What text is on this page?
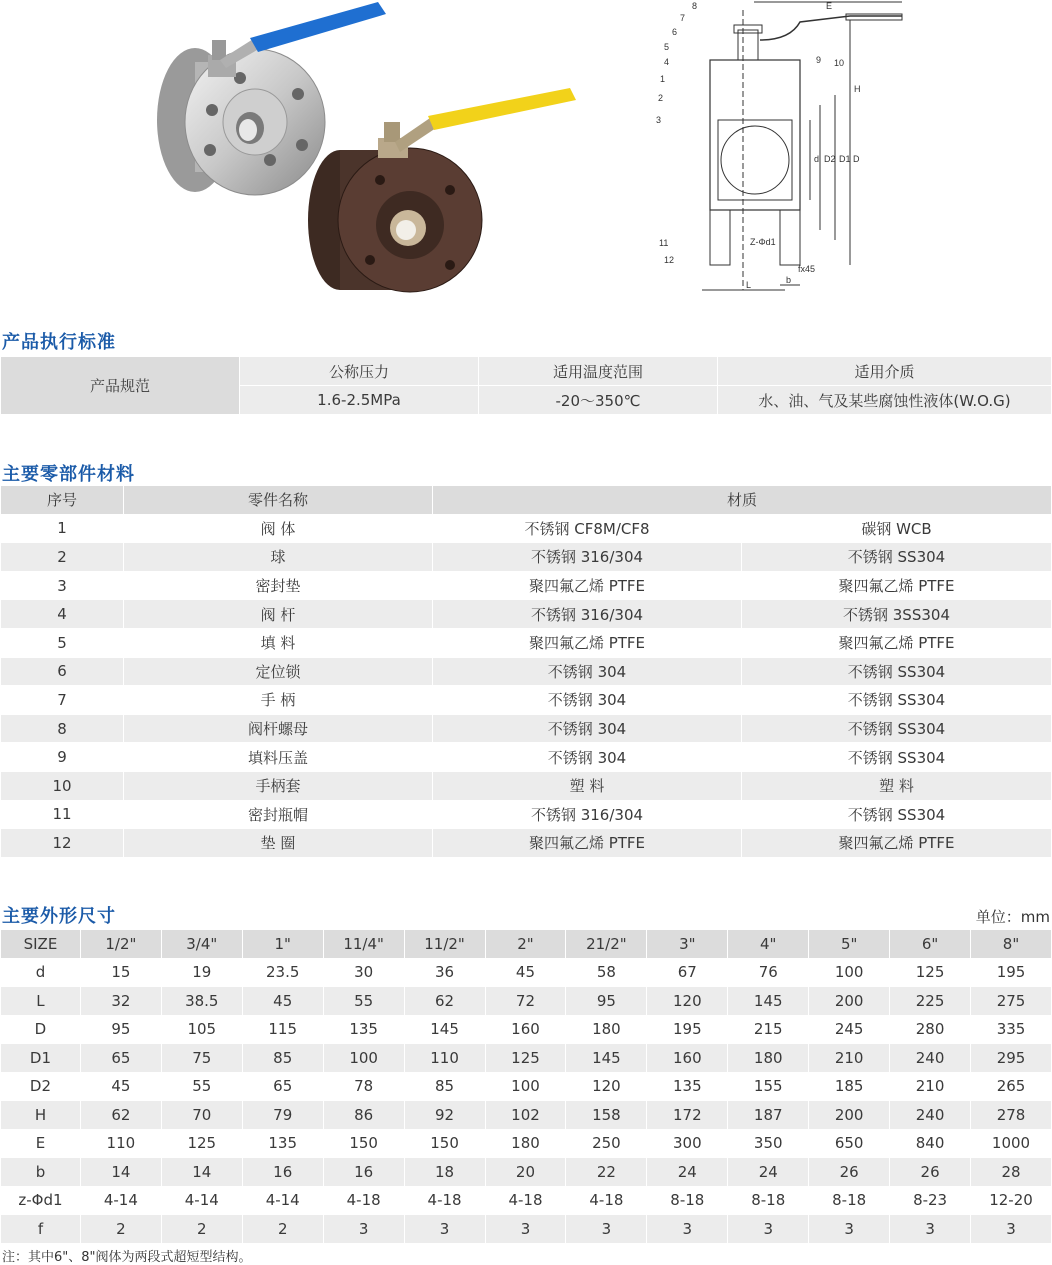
E
H
d D2 D1 D
Z-Φd1
L	b
fx45
8
7
6
5
4
1
2
3
9 10
11
12
产品执行标准
产品规范	公称压力	适用温度范围	适用介质
	1.6-2.5MPa	-20～350℃	水、油、气及某些腐蚀性液体(W.O.G)
主要零部件材料
序号	零件名称	材质	
1	阀 体	不锈钢 CF8M/CF8	碳钢 WCB
2	球	不锈钢 316/304	不锈钢 SS304
3	密封垫	聚四氟乙烯 PTFE	聚四氟乙烯 PTFE
4	阀 杆	不锈钢 316/304	不锈钢 3SS304
5	填 料	聚四氟乙烯 PTFE	聚四氟乙烯 PTFE
6	定位锁	不锈钢 304	不锈钢 SS304
7	手 柄	不锈钢 304	不锈钢 SS304
8	阀杆螺母	不锈钢 304	不锈钢 SS304
9	填料压盖	不锈钢 304	不锈钢 SS304
10	手柄套	塑 料	塑 料
11	密封瓶帽	不锈钢 316/304	不锈钢 SS304
12	垫 圈	聚四氟乙烯 PTFE	聚四氟乙烯 PTFE
主要外形尺寸	单位：mm
SIZE	1/2"	3/4"	1"	11/4"	11/2"	2"	21/2"	3"	4"	5"	6"	8"
d	15	19	23.5	30	36	45	58	67	76	100	125	195
L	32	38.5	45	55	62	72	95	120	145	200	225	275
D	95	105	115	135	145	160	180	195	215	245	280	335
D1	65	75	85	100	110	125	145	160	180	210	240	295
D2	45	55	65	78	85	100	120	135	155	185	210	265
H	62	70	79	86	92	102	158	172	187	200	240	278
E	110	125	135	150	150	180	250	300	350	650	840	1000
b	14	14	16	16	18	20	22	24	24	26	26	28
z-Φd1	4-14	4-14	4-14	4-18	4-18	4-18	4-18	8-18	8-18	8-18	8-23	12-20
f	2	2	2	3	3	3	3	3	3	3	3	3
注：其中6"、8"阀体为两段式超短型结构。
